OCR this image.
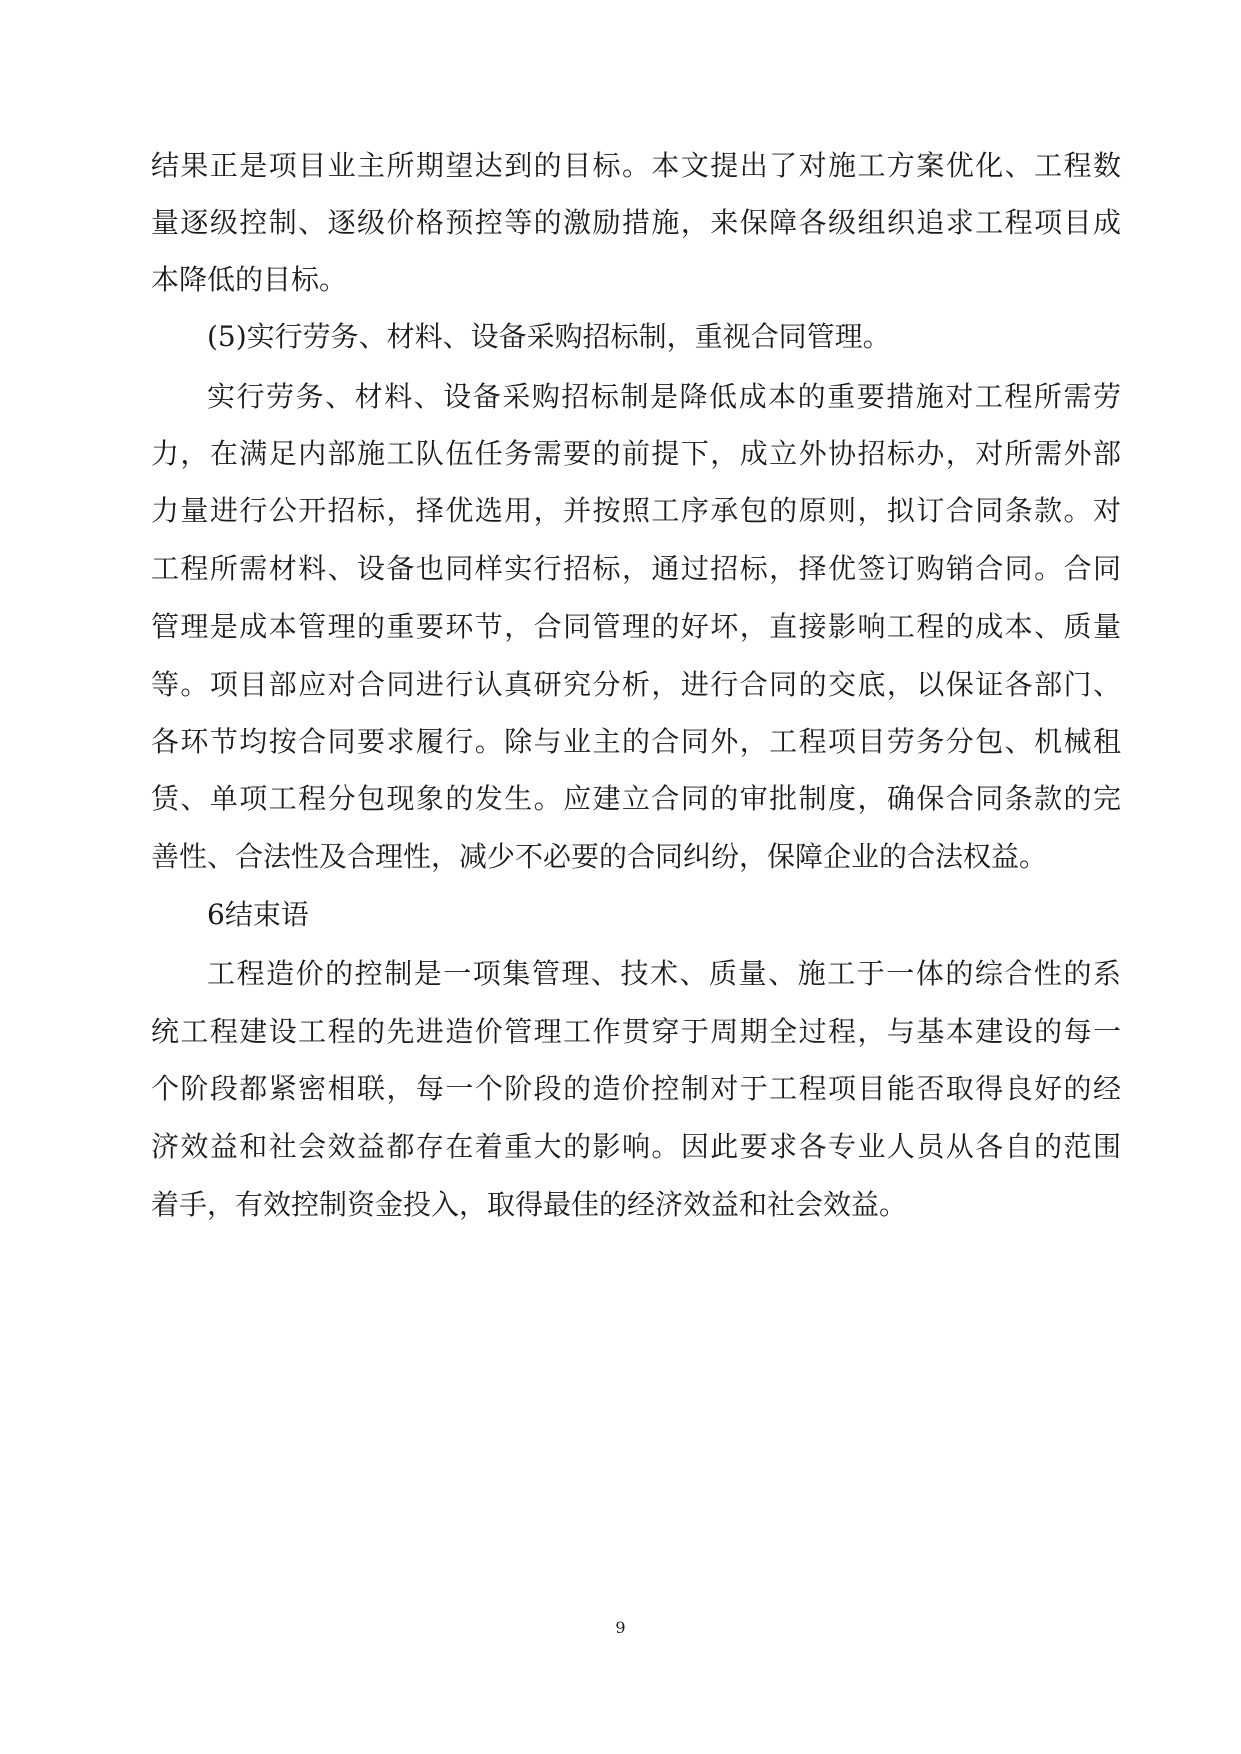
结果正是项目业主所期望达到的目标。本文提出了对施工方案优化、工程数
量逐级控制、逐级价格预控等的激励措施，来保障各级组织追求工程项目成
本降低的目标。
(5)实行劳务、材料、设备采购招标制，重视合同管理。
实行劳务、材料、设备采购招标制是降低成本的重要措施对工程所需劳
力，在满足内部施工队伍任务需要的前提下，成立外协招标办，对所需外部
力量进行公开招标，择优选用，并按照工序承包的原则，拟订合同条款。对
工程所需材料、设备也同样实行招标，通过招标，择优签订购销合同。合同
管理是成本管理的重要环节，合同管理的好坏，直接影响工程的成本、质量
等。项目部应对合同进行认真研究分析，进行合同的交底，以保证各部门、
各环节均按合同要求履行。除与业主的合同外，工程项目劳务分包、机械租
赁、单项工程分包现象的发生。应建立合同的审批制度，确保合同条款的完
善性、合法性及合理性，减少不必要的合同纠纷，保障企业的合法权益。
6结束语
工程造价的控制是一项集管理、技术、质量、施工于一体的综合性的系
统工程建设工程的先进造价管理工作贯穿于周期全过程，与基本建设的每一
个阶段都紧密相联，每一个阶段的造价控制对于工程项目能否取得良好的经
济效益和社会效益都存在着重大的影响。因此要求各专业人员从各自的范围
着手，有效控制资金投入，取得最佳的经济效益和社会效益。
9
